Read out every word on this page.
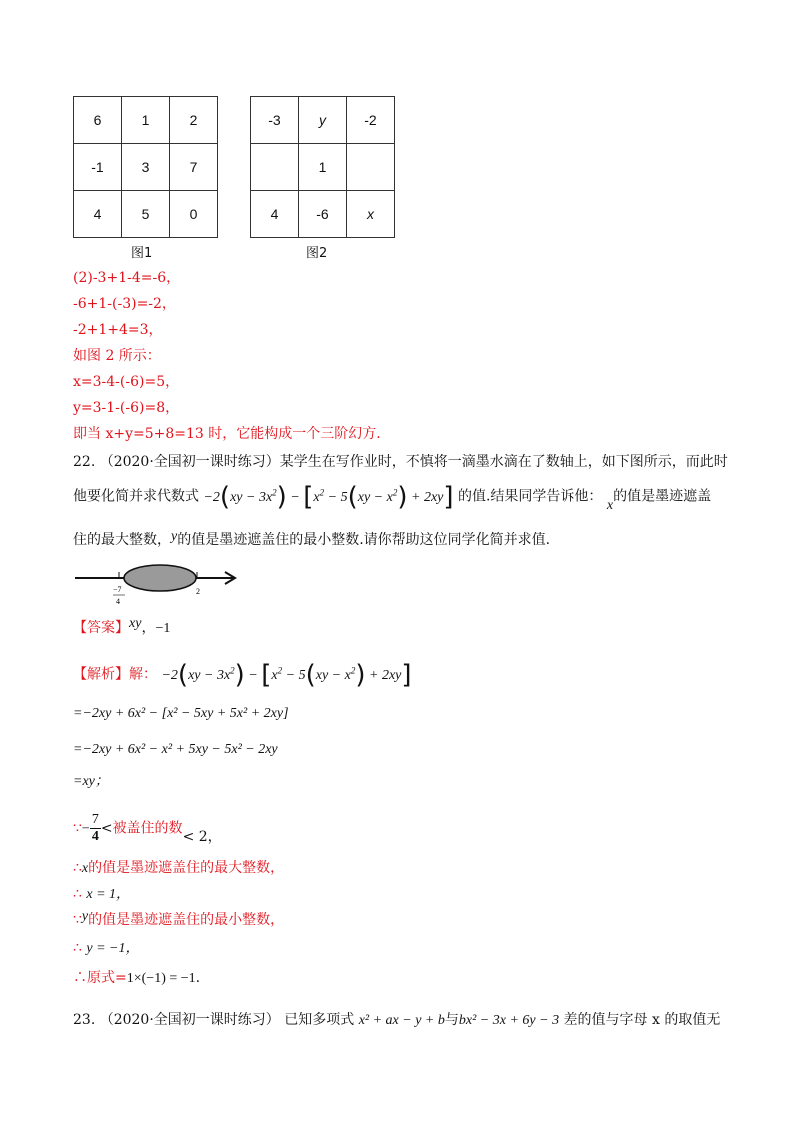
6	1	2
-1	3	7
4	5	0
图1
-3	y	-2
	1	
4	-6	x
图2
(2)-3+1-4=-6，
-6+1-(-3)=-2，
-2+1+4=3，
如图 2 所示：
x=3-4-(-6)=5，
y=3-1-(-6)=8，
即当 x+y=5+8=13 时，它能构成一个三阶幻方.
22. （2020·全国初一课时练习）某学生在写作业时，不慎将一滴墨水滴在了数轴上，如下图所示，而此时
他要化简并求代数式 $-2(xy - 3x^2) - [x^2 - 5(xy - x^2) + 2xy]$ 的值.结果同学告诉他： x的值是墨迹遮盖
住的最大整数，y的值是墨迹遮盖住的最小整数.请你帮助这位同学化简并求值.
−7
4
2
【答案】xy，−1
【解析】解： $-2(xy - 3x^2) - [x^2 - 5(xy - x^2) + 2xy]$
=−2xy + 6x² − [x² − 5xy + 5x² + 2xy]
=−2xy + 6x² − x² + 5xy − 5x² − 2xy
=xy；
∵− $\frac{7}{4}$ <被盖住的数< 2，
∴x的值是墨迹遮盖住的最大整数，
∴ x = 1，
∵y的值是墨迹遮盖住的最小整数，
∴ y = −1，
∴原式=1×(−1) = −1.
23. （2020·全国初一课时练习） 已知多项式 x² + ax − y + b与bx² − 3x + 6y − 3 差的值与字母 x 的取值无
